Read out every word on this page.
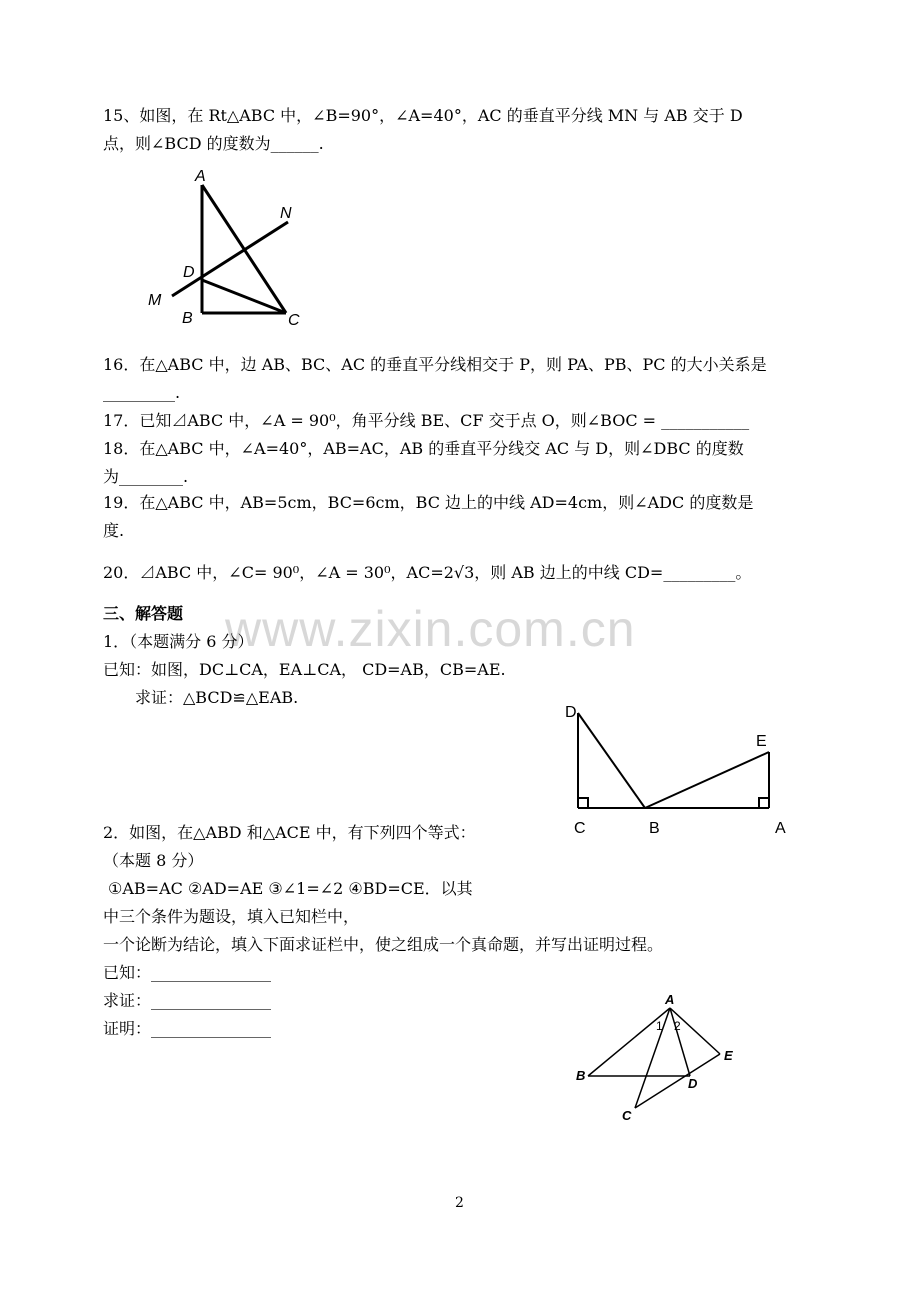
www.zixin.com.cn
15、如图，在 Rt△ABC 中，∠B=90°，∠A=40°，AC 的垂直平分线 MN 与 AB 交于 D
点，则∠BCD 的度数为______.
A
N
D
M
B	C
16．在△ABC 中，边 AB、BC、AC 的垂直平分线相交于 P，则 PA、PB、PC 的大小关系是
_________.
17．已知⊿ABC 中，∠A = 90⁰，角平分线 BE、CF 交于点 O，则∠BOC = ___________
18．在△ABC 中，∠A=40°，AB=AC，AB 的垂直平分线交 AC 与 D，则∠DBC 的度数
为________.
19．在△ABC 中，AB=5cm，BC=6cm，BC 边上的中线 AD=4cm，则∠ADC 的度数是
度.
20．⊿ABC 中，∠C= 90⁰，∠A = 30⁰，AC=2√3，则 AB 边上的中线 CD=_________。
三、解答题
1．（本题满分 6 分）
已知：如图，DC⊥CA，EA⊥CA， CD=AB，CB=AE.
求证：△BCD≌△EAB.
D
E
C	B	A
2．如图，在△ABD 和△ACE 中，有下列四个等式：
（本题 8 分）
①AB=AC ②AD=AE ③∠1=∠2 ④BD=CE．以其
中三个条件为题设，填入已知栏中，
一个论断为结论，填入下面求证栏中，使之组成一个真命题，并写出证明过程。
已知：_______________
求证：_______________
证明：_______________
A
B
D
E
C
1 2
2
